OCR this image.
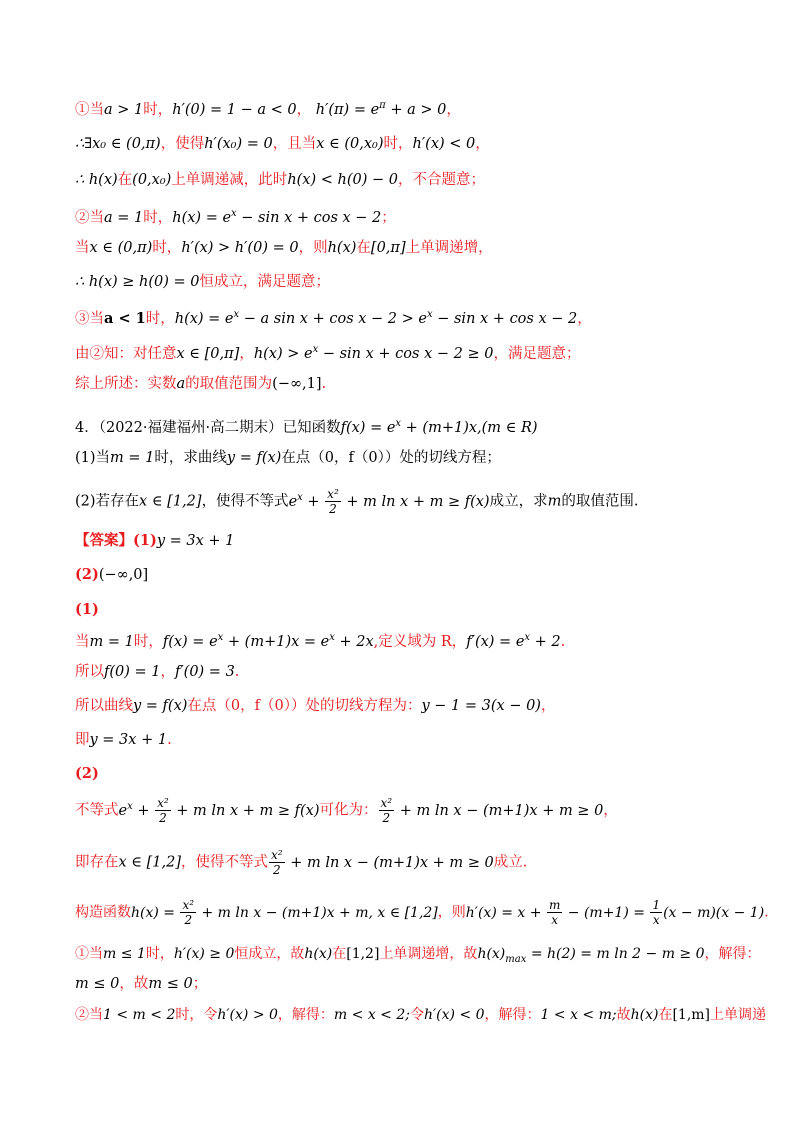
①当a > 1时，h′(0) = 1 − a < 0， $h'(\pi) = e^\pi + a > 0$，
∴∃x₀ ∈ (0,π)，使得h′(x₀) = 0，且当x ∈ (0,x₀)时，h′(x) < 0，
∴ h(x)在(0,x₀)上单调递减，此时h(x) < h(0) − 0，不合题意；
②当a = 1时，$h(x) = e^x - \sin x + \cos x - 2$；
当x ∈ (0,π)时，h′(x) > h′(0) = 0，则h(x)在[0,π]上单调递增，
∴ h(x) ≥ h(0) = 0恒成立，满足题意；
③当a < 1时，$h(x) = e^x - a$ $\sin x + \cos x - 2 > e^x - \sin x + \cos x - 2$，
由②知：对任意x ∈ [0,π]，$h(x) > e^x - \sin x + \cos x - 2 \ge 0$，满足题意；
综上所述：实数a的取值范围为(−∞,1].
4．（2022·福建福州·高二期末）已知函数$f(x) = e^x + (m+1)x,(m$ ∈ R)
(1)当m = 1时，求曲线y = f(x)在点（0，f（0））处的切线方程；
(2)若存在x ∈ [1,2]，使得不等式$e^x + \frac{\text{x²}}{2} + m$ ln x + m ≥ f(x)成立，求m的取值范围.
【答案】(1)y = 3x + 1
(2)(−∞,0]
(1)
当m = 1时，$f(x) = e^x + (m+1)x = e^x + 2x$,定义域为 R，$f'(x) = e^x + 2$.
所以f(0) = 1，f′(0) = 3.
所以曲线y = f(x)在点（0，f（0））处的切线方程为：y − 1 = 3(x − 0)，
即y = 3x + 1.
(2)
不等式$e^x + \frac{\text{x²}}{2} + m$ ln x + m ≥ f(x)可化为： $\frac{\text{x²}}{2} + m$ ln x − (m+1)x + m ≥ 0，
即存在x ∈ [1,2]，使得不等式 $\frac{\text{x²}}{2} + m$ ln x − (m+1)x + m ≥ 0成立.
构造函数$h(x) = \frac{\text{x²}}{2} + m$ ln x − (m+1)x + m, x ∈ [1,2]，则$h'(x) = x + \frac{m}{x} - (m+1) = \frac{1}{x} (x - m)(x - 1)$.
①当m ≤ 1时，h′(x) ≥ 0恒成立，故h(x)在[1,2]上单调递增，故$h(x)_{max} = h(2) = m$ ln 2 − m ≥ 0，解得：
m ≤ 0，故m ≤ 0；
②当1 < m < 2时，令h′(x) > 0，解得：m < x < 2;令h′(x) < 0，解得：1 < x < m;故h(x)在[1,m]上单调递
